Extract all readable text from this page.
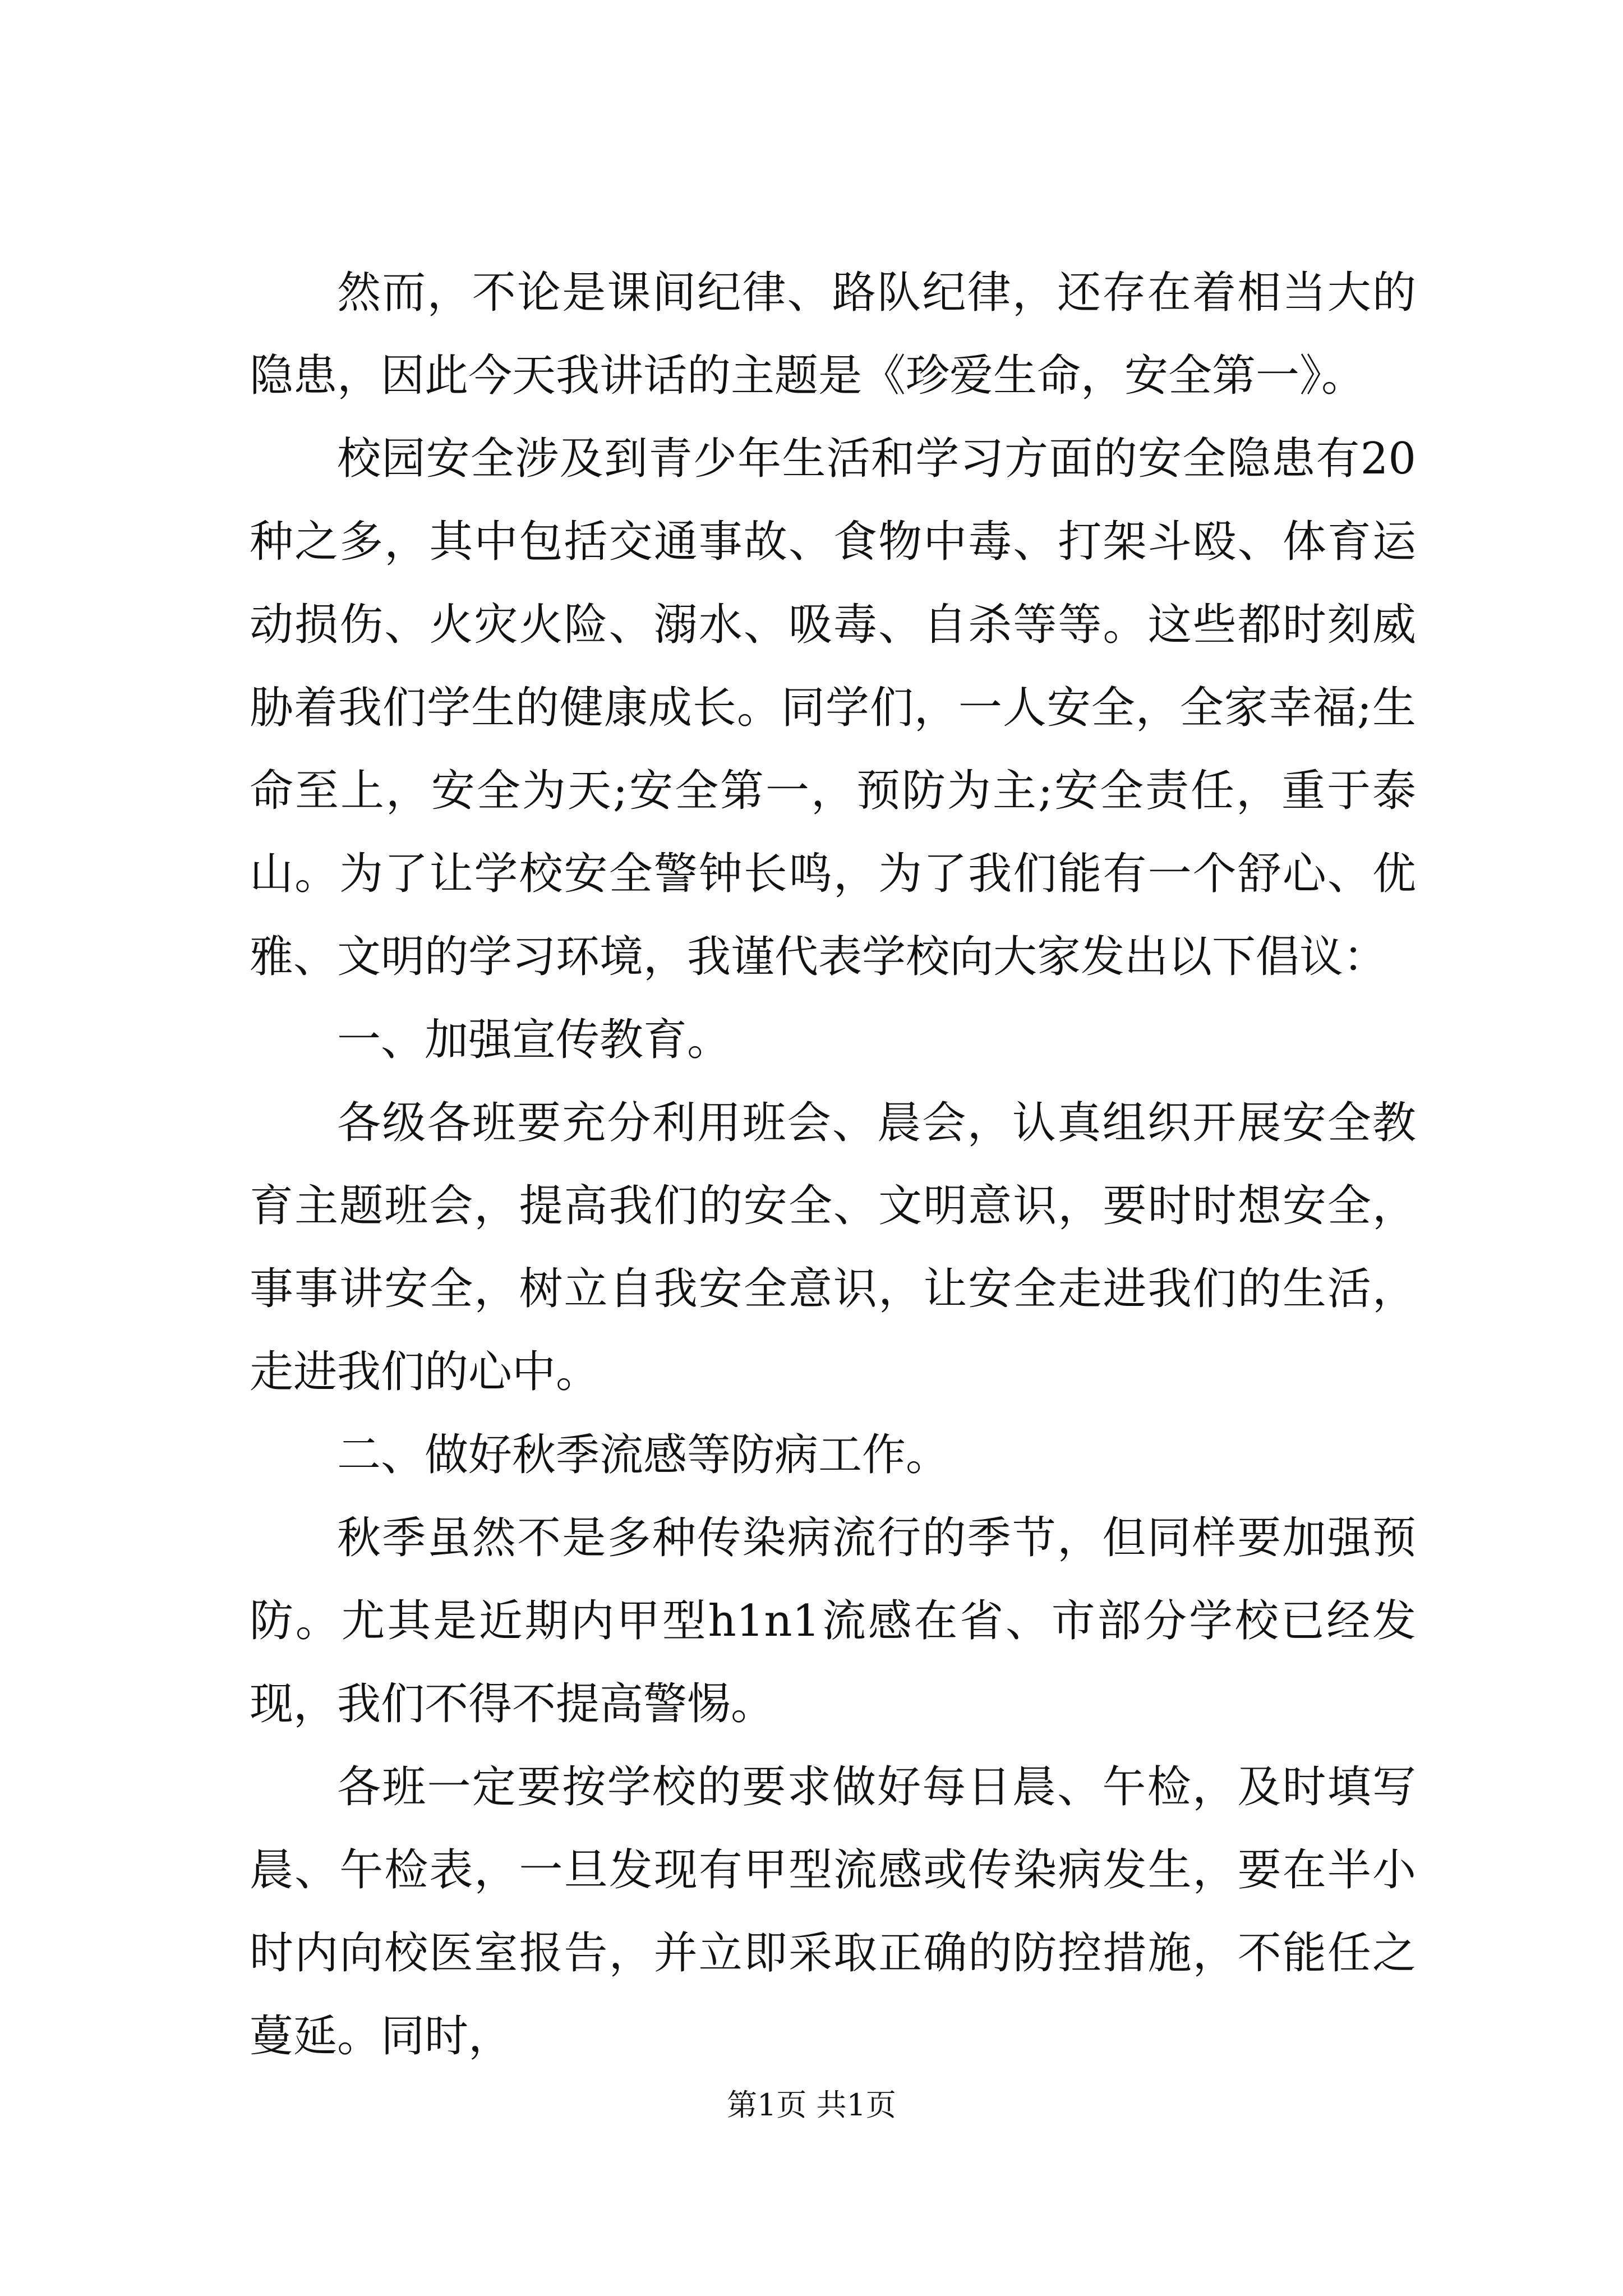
然而，不论是课间纪律、路队纪律，还存在着相当大的隐患，因此今天我讲话的主题是《珍爱生命，安全第一》。

校园安全涉及到青少年生活和学习方面的安全隐患有20种之多，其中包括交通事故、食物中毒、打架斗殴、体育运动损伤、火灾火险、溺水、吸毒、自杀等等。这些都时刻威胁着我们学生的健康成长。同学们，一人安全，全家幸福;生命至上，安全为天;安全第一，预防为主;安全责任，重于泰山。为了让学校安全警钟长鸣，为了我们能有一个舒心、优雅、文明的学习环境，我谨代表学校向大家发出以下倡议：

一、加强宣传教育。

各级各班要充分利用班会、晨会，认真组织开展安全教育主题班会，提高我们的安全、文明意识，要时时想安全，事事讲安全，树立自我安全意识，让安全走进我们的生活，走进我们的心中。

二、做好秋季流感等防病工作。

秋季虽然不是多种传染病流行的季节，但同样要加强预防。尤其是近期内甲型h1n1流感在省、市部分学校已经发现，我们不得不提高警惕。

各班一定要按学校的要求做好每日晨、午检，及时填写晨、午检表，一旦发现有甲型流感或传染病发生，要在半小时内向校医室报告，并立即采取正确的防控措施，不能任之蔓延。同时，

第1页 共1页
